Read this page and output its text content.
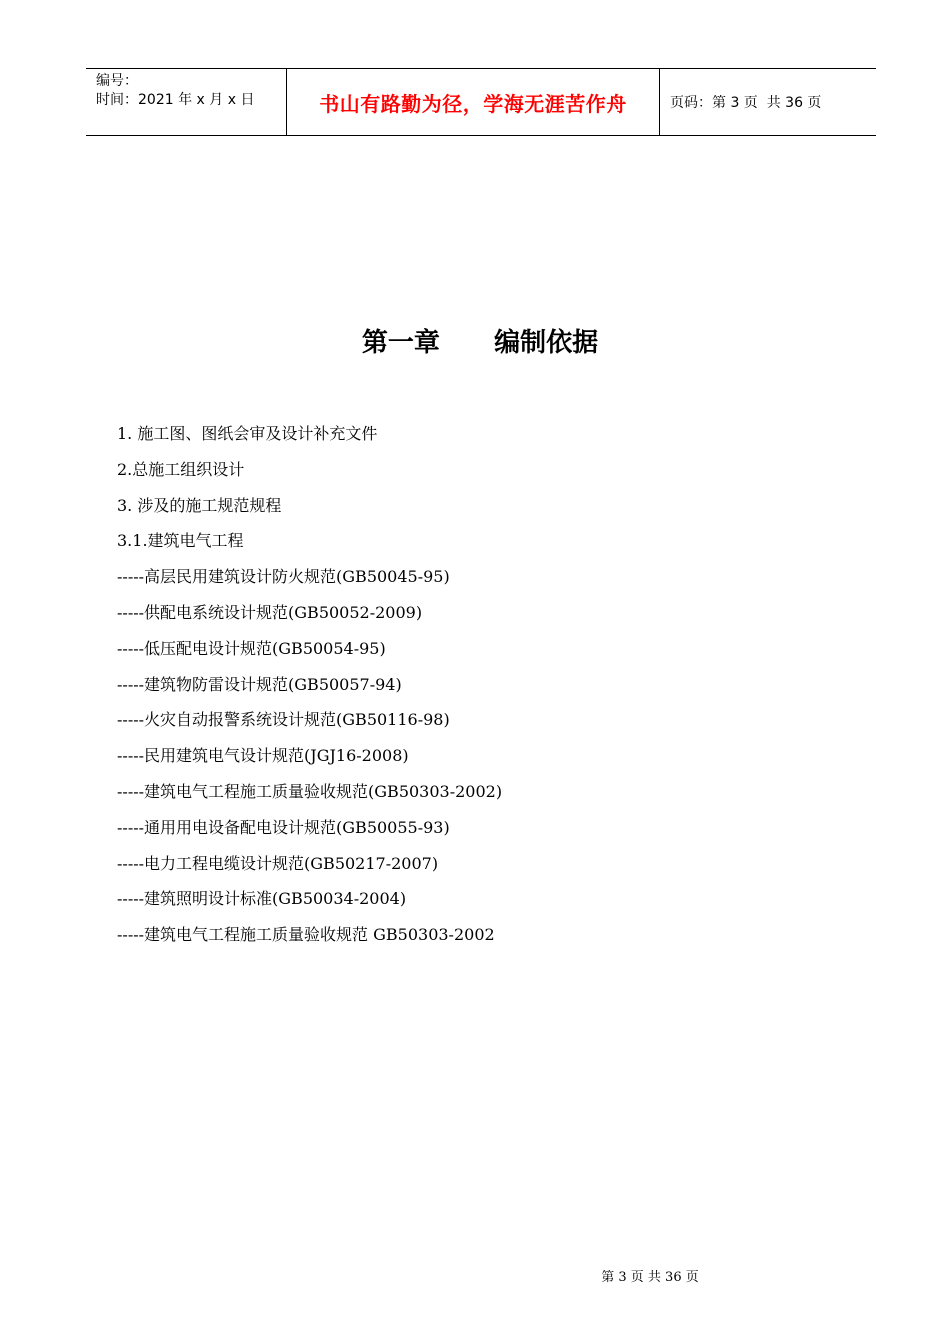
编号：
时间：2021 年 x 月 x 日	书山有路勤为径，学海无涯苦作舟	页码：第 3 页  共 36 页
第一章      编制依据
1. 施工图、图纸会审及设计补充文件
2.总施工组织设计
3. 涉及的施工规范规程
3.1.建筑电气工程
-----高层民用建筑设计防火规范(GB50045-95)
-----供配电系统设计规范(GB50052-2009)
-----低压配电设计规范(GB50054-95)
-----建筑物防雷设计规范(GB50057-94)
-----火灾自动报警系统设计规范(GB50116-98)
-----民用建筑电气设计规范(JGJ16-2008)
-----建筑电气工程施工质量验收规范(GB50303-2002)
-----通用用电设备配电设计规范(GB50055-93)
-----电力工程电缆设计规范(GB50217-2007)
-----建筑照明设计标准(GB50034-2004)
-----建筑电气工程施工质量验收规范 GB50303-2002
第 3 页 共 36 页
